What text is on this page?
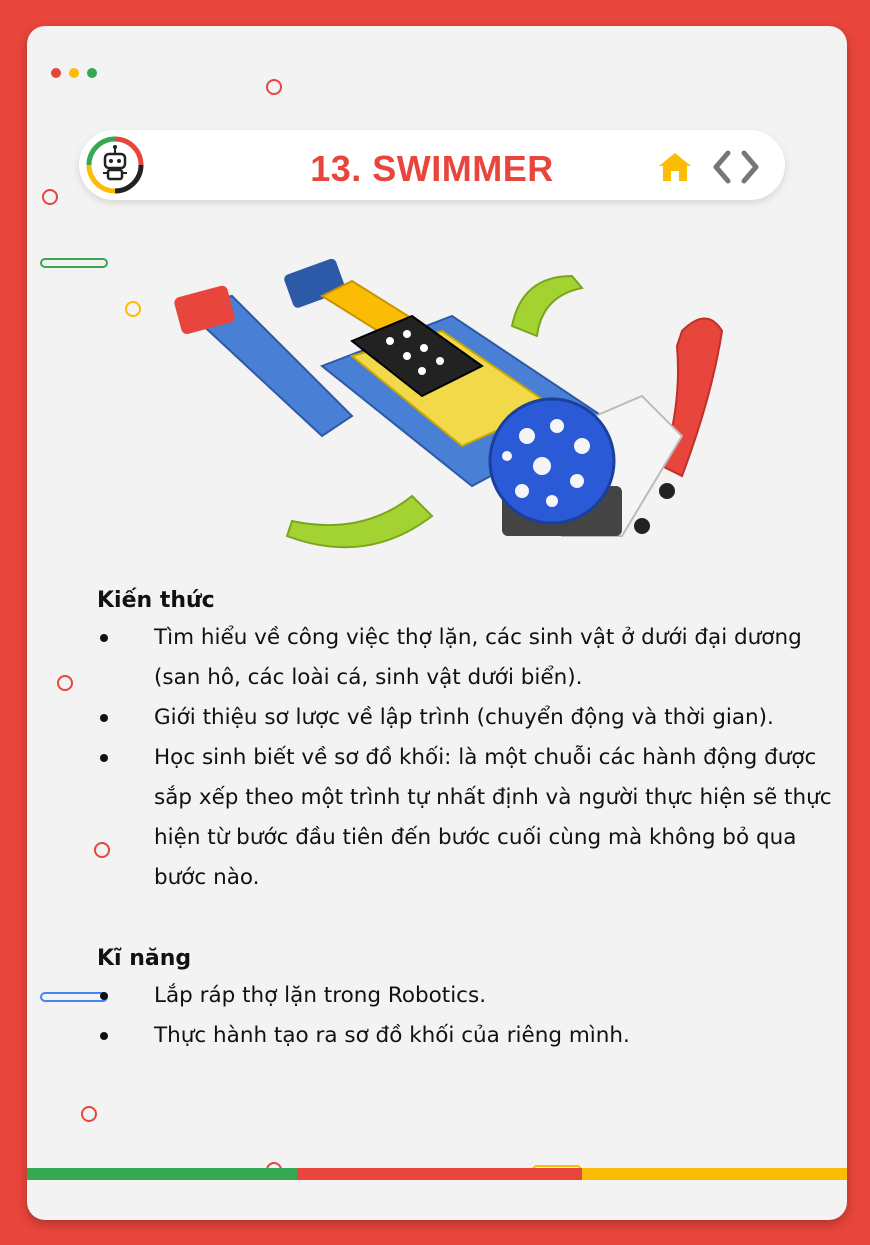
13. SWIMMER
Kiến thức
Tìm hiểu về công việc thợ lặn, các sinh vật ở dưới đại dương (san hô, các loài cá, sinh vật dưới biển).
Giới thiệu sơ lược về lập trình (chuyển động và thời gian).
Học sinh biết về sơ đồ khối: là một chuỗi các hành động được sắp xếp theo một trình tự nhất định và người thực hiện sẽ thực hiện từ bước đầu tiên đến bước cuối cùng mà không bỏ qua bước nào.
Kĩ năng
Lắp ráp thợ lặn trong Robotics.
Thực hành tạo ra sơ đồ khối của riêng mình.
